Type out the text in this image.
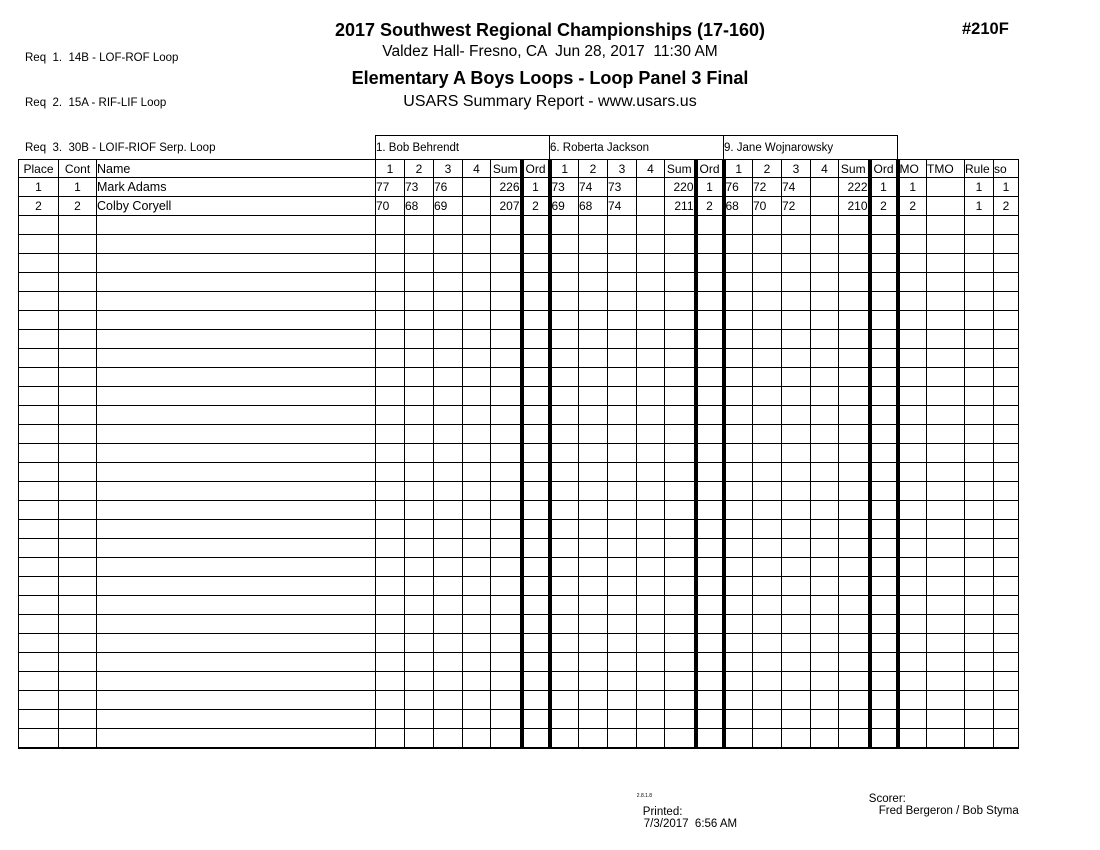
Req  1.  14B - LOF-ROF Loop

Req  2.  15A - RIF-LIF Loop

Req  3.  30B - LOIF-RIOF Serp. Loop

2017 Southwest Regional Championships (17-160)
Valdez Hall- Fresno, CA  Jun 28, 2017  11:30 AM
Elementary A Boys Loops - Loop Panel 3 Final
USARS Summary Report - www.usars.us
#210F
			1. Bob Behrendt						6. Roberta Jackson						9. Jane Wojnarowsky									
Place	Cont	Name	1	2	3	4	Sum	Ord	1	2	3	4	Sum	Ord	1	2	3	4	Sum	Ord	MO	TMO	Rule	so
1	1	Mark Adams	77	73	76		226	1	73	74	73		220	1	76	72	74		222	1	1		1	1
2	2	Colby Coryell	70	68	69		207	2	69	68	74		211	2	68	70	72		210	2	2		1	2

$^{2.8.1.8}$
Printed:
7/3/2017  6:56 AM

Scorer:
Fred Bergeron / Bob Styma
